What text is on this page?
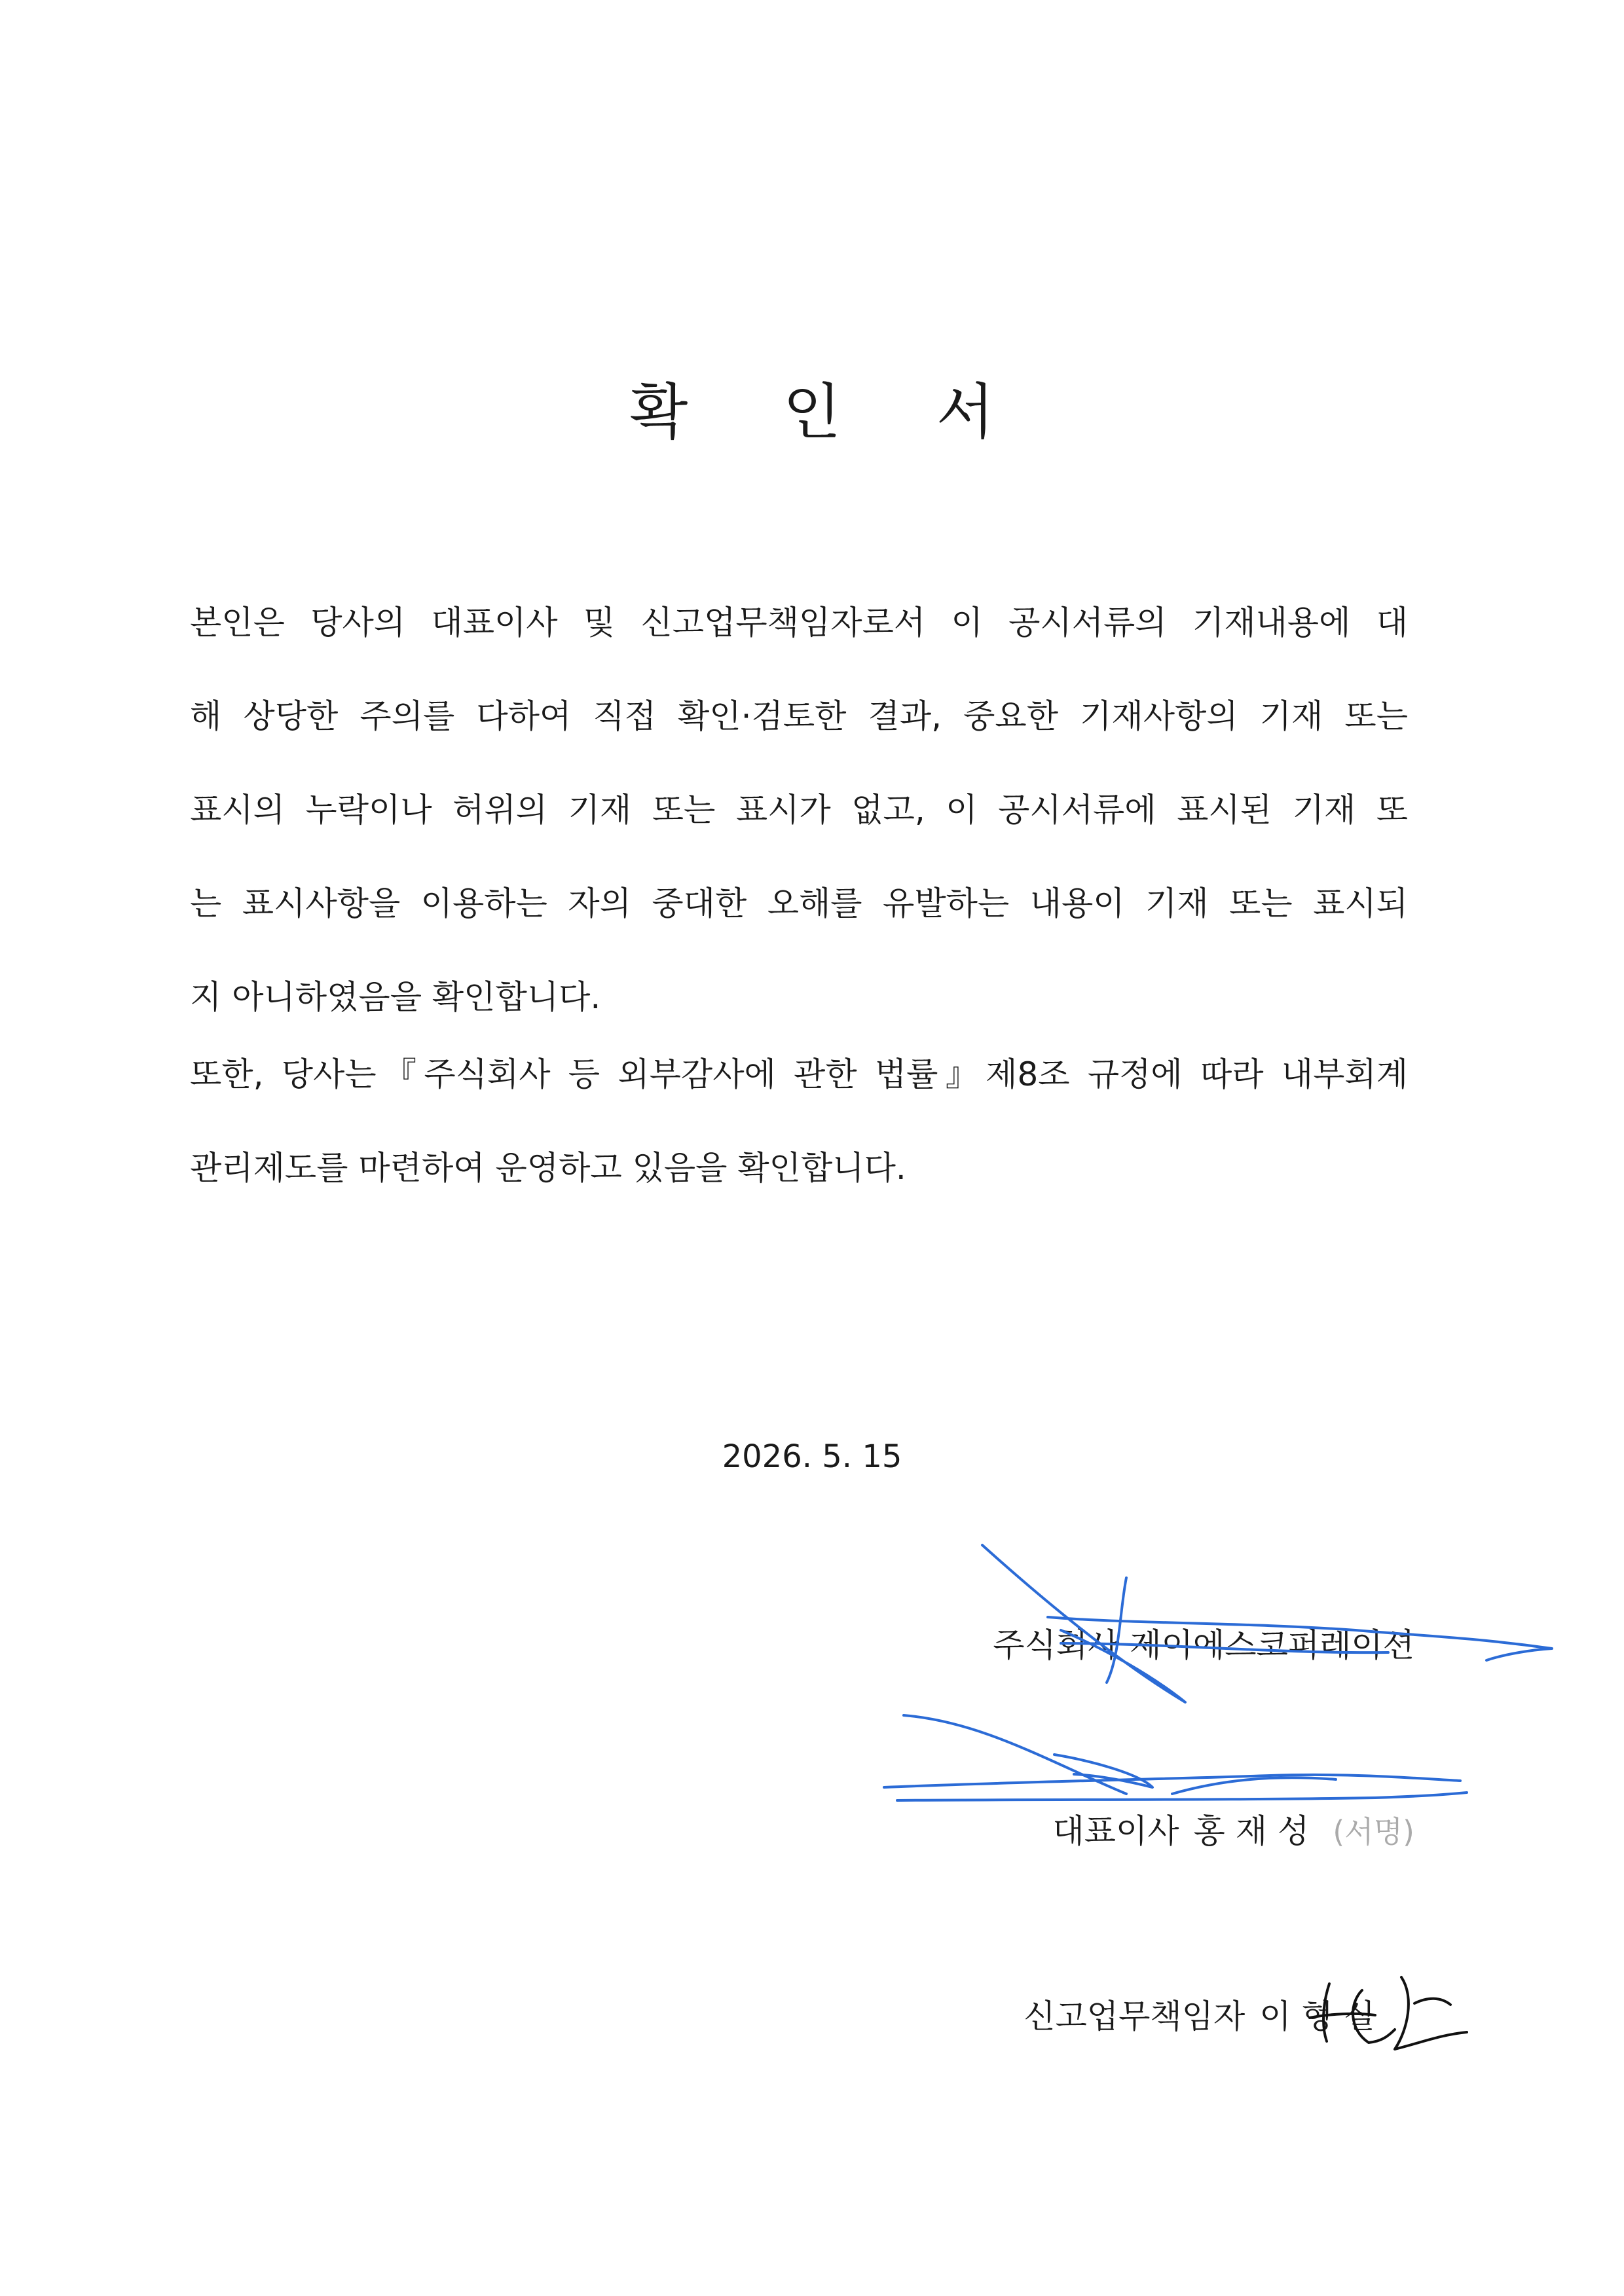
확 인 서
본인은 당사의 대표이사 및 신고업무책임자로서 이 공시서류의 기재내용에 대
해 상당한 주의를 다하여 직접 확인·검토한 결과, 중요한 기재사항의 기재 또는
표시의 누락이나 허위의 기재 또는 표시가 없고, 이 공시서류에 표시된 기재 또
는 표시사항을 이용하는 자의 중대한 오해를 유발하는 내용이 기재 또는 표시되
지 아니하였음을 확인합니다.
또한, 당사는『주식회사 등 외부감사에 관한 법률』제8조 규정에 따라 내부회계
관리제도를 마련하여 운영하고 있음을 확인합니다.
2026. 5. 15
주식회사 제이에스코퍼레이션
대표이사 홍 재 성 (서명)
신고업무책임자 이 형 실
